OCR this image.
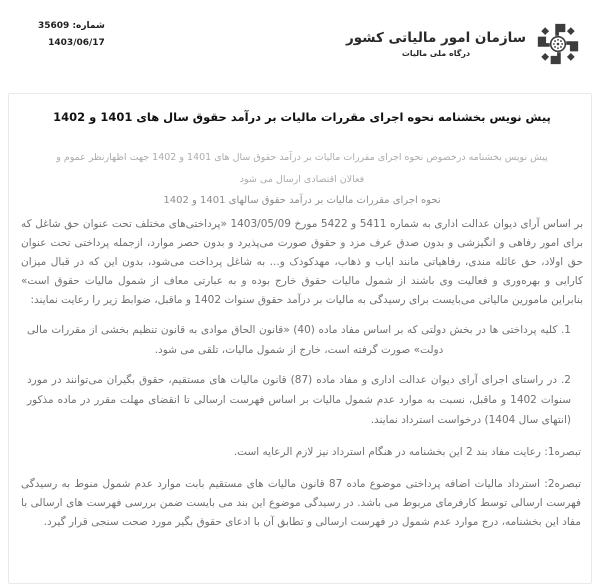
شماره: 35609
1403/06/17	سازمان امور مالیاتی کشور
درگاه ملی مالیات
پیش نویس بخشنامه نحوه اجرای مقررات مالیات بر درآمد حقوق سال های 1401 و 1402

پیش نویس بخشنامه درخصوص نحوه اجرای مقررات مالیات بر درآمد حقوق سال های 1401 و 1402 جهت اظهارنظر عموم و فعالان اقتصادی ارسال می شود

نحوه اجرای مقررات مالیات بر درآمد حقوق سالهای 1401 و 1402

بر اساس آرای دیوان عدالت اداری به شماره 5411 و 5422 مورخ 1403/05/09 «پرداختی‌های مختلف تحت عنوان حق شاغل که برای امور رفاهی و انگیزشی و بدون صدق عرف مزد و حقوق صورت می‌پذیرد و بدون حصر موارد، ازجمله پرداختی تحت عنوان حق اولاد، حق عائله مندی، رفاهیاتی مانند ایاب و ذهاب، مهدکودک و... به شاغل پرداخت می‌شود، بدون این که در قبال میزان کارایی و بهره‌وری و فعالیت وی باشند از شمول مالیات حقوق خارج بوده و به عبارتی معاف از شمول مالیات حقوق است» بنابراین مامورین مالیاتی می‌بایست برای رسیدگی به مالیات بر درآمد حقوق سنوات 1402 و ماقبل، ضوابط زیر را رعایت نمایند:

1. کلیه پرداختی ها در بخش دولتی که بر اساس مفاد ماده (40) «قانون الحاق موادی به قانون تنظیم بخشی از مقررات مالی دولت» صورت گرفته است، خارج از شمول مالیات، تلقی می شود.

2. در راستای اجرای آرای دیوان عدالت اداری و مفاد ماده (87) قانون مالیات های مستقیم، حقوق بگیران می‌توانند در مورد سنوات 1402 و ماقبل، نسبت به موارد عدم شمول مالیات بر اساس فهرست ارسالی تا انقضای مهلت مقرر در ماده مذکور (انتهای سال 1404) درخواست استرداد نمایند.

تبصره1: رعایت مفاد بند 2 این بخشنامه در هنگام استرداد نیز لازم الرعایه است.

تبصره2: استرداد مالیات اضافه پرداختی موضوع ماده 87 قانون مالیات های مستقیم بابت موارد عدم شمول منوط به رسیدگی فهرست ارسالی توسط کارفرمای مربوط می باشد. در رسیدگی موضوع این بند می بایست ضمن بررسی فهرست های ارسالی با مفاد این بخشنامه، درج موارد عدم شمول در فهرست ارسالی و تطابق آن با ادعای حقوق بگیر مورد صحت سنجی قرار گیرد.
